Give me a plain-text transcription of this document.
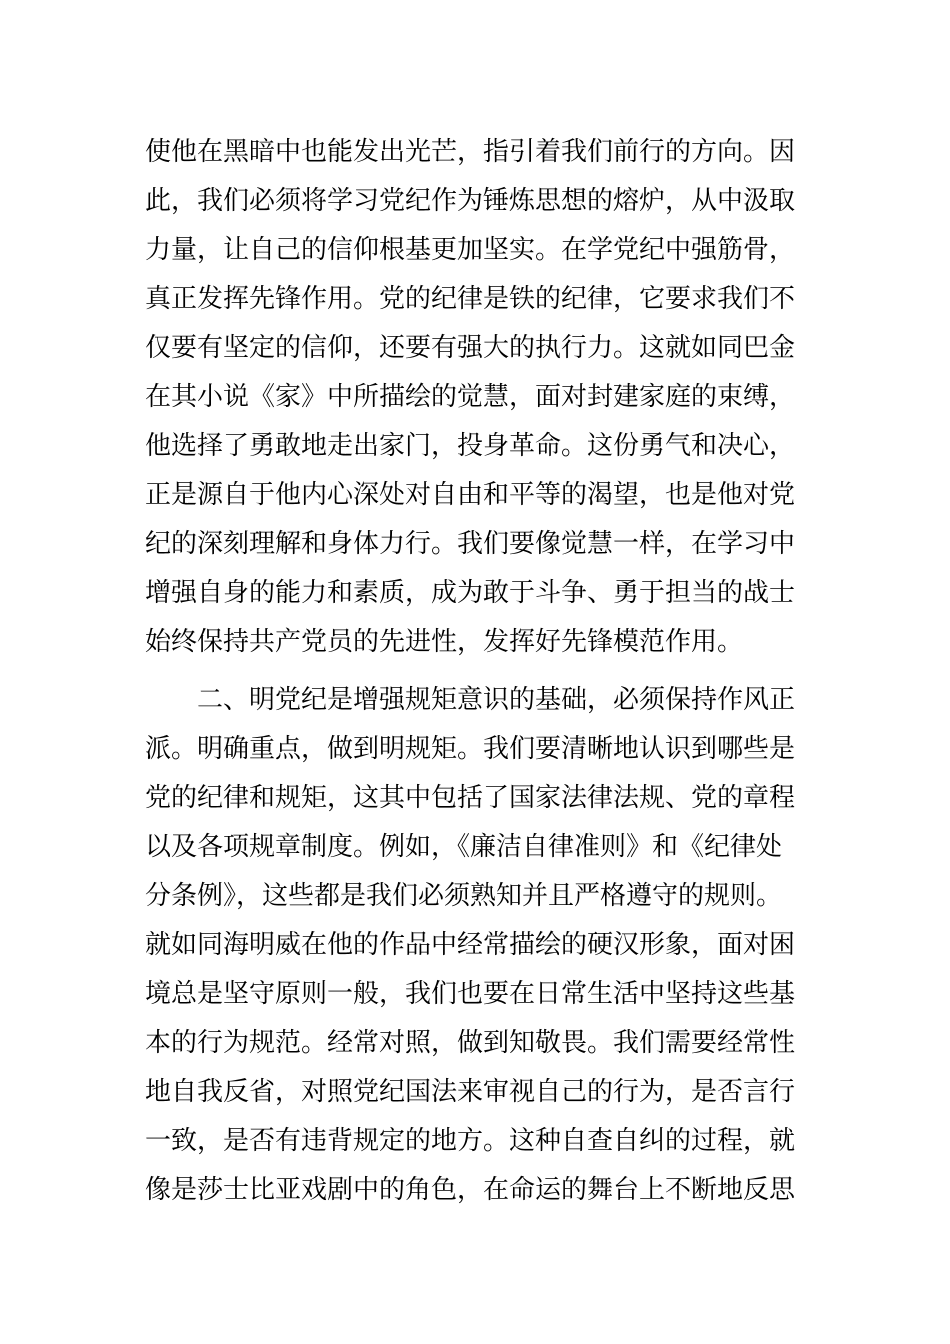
使他在黑暗中也能发出光芒，指引着我们前行的方向。因
此，我们必须将学习党纪作为锤炼思想的熔炉，从中汲取
力量，让自己的信仰根基更加坚实。在学党纪中强筋骨，
真正发挥先锋作用。党的纪律是铁的纪律，它要求我们不
仅要有坚定的信仰，还要有强大的执行力。这就如同巴金
在其小说《家》中所描绘的觉慧，面对封建家庭的束缚，
他选择了勇敢地走出家门，投身革命。这份勇气和决心，
正是源自于他内心深处对自由和平等的渴望，也是他对党
纪的深刻理解和身体力行。我们要像觉慧一样，在学习中
增强自身的能力和素质，成为敢于斗争、勇于担当的战士
始终保持共产党员的先进性，发挥好先锋模范作用。
二、明党纪是增强规矩意识的基础，必须保持作风正
派。明确重点，做到明规矩。我们要清晰地认识到哪些是
党的纪律和规矩，这其中包括了国家法律法规、党的章程
以及各项规章制度。例如，《廉洁自律准则》和《纪律处
分条例》，这些都是我们必须熟知并且严格遵守的规则。
就如同海明威在他的作品中经常描绘的硬汉形象，面对困
境总是坚守原则一般，我们也要在日常生活中坚持这些基
本的行为规范。经常对照，做到知敬畏。我们需要经常性
地自我反省，对照党纪国法来审视自己的行为，是否言行
一致，是否有违背规定的地方。这种自查自纠的过程，就
像是莎士比亚戏剧中的角色，在命运的舞台上不断地反思
